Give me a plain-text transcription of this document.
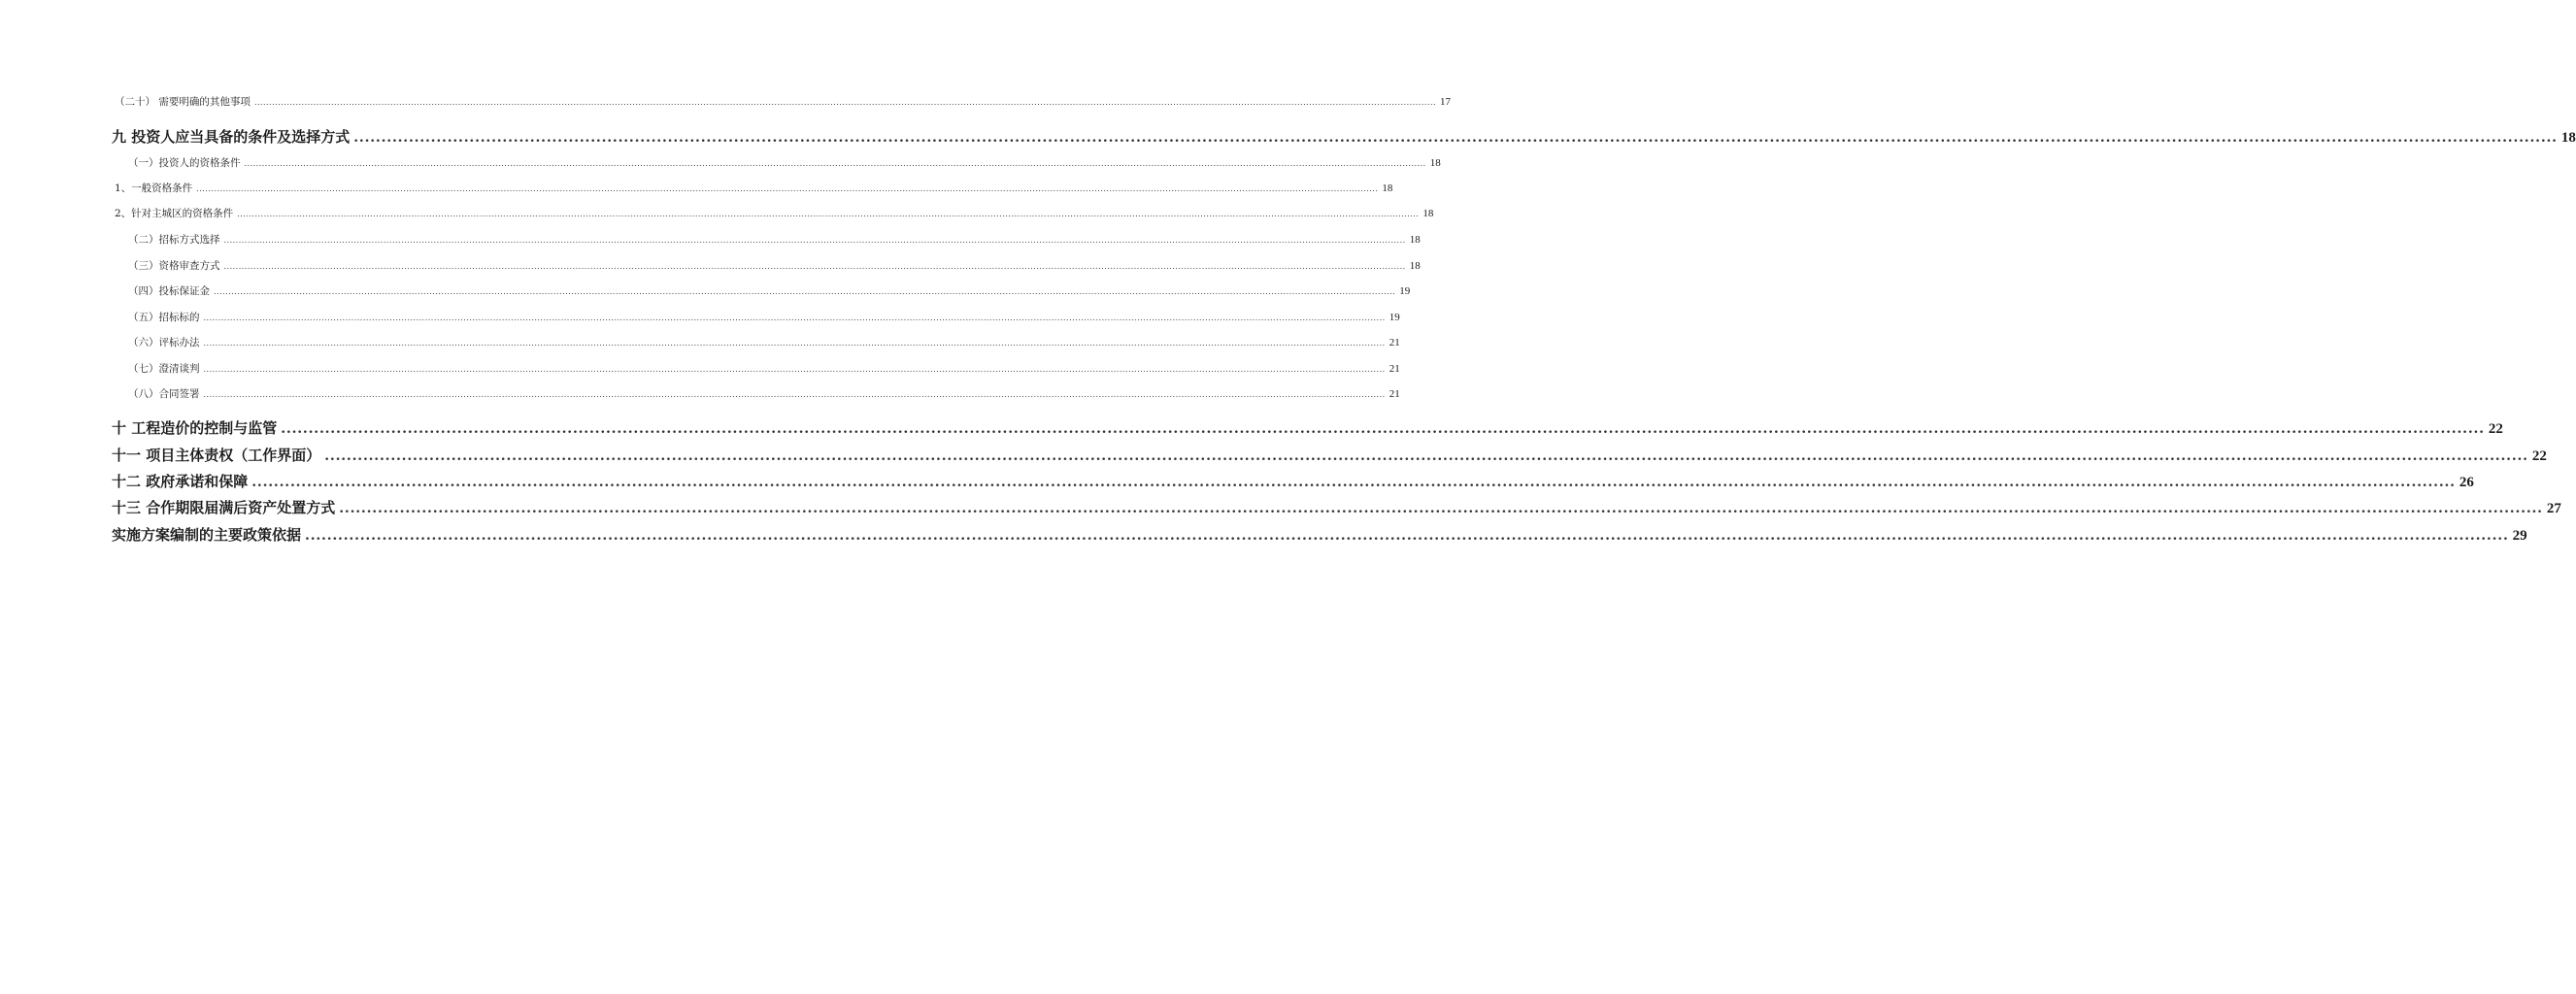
（二十） 需要明确的其他事项 ................................................................................................................................................................................................................................................................................................................................................................................................................ 17
九 投资人应当具备的条件及选择方式 ................................................................................................................................................................................................................................................................................................................................................................................................................ 18
（一）投资人的资格条件 ................................................................................................................................................................................................................................................................................................................................................................................................................ 18
1、一般资格条件 ................................................................................................................................................................................................................................................................................................................................................................................................................ 18
2、针对主城区的资格条件 ................................................................................................................................................................................................................................................................................................................................................................................................................ 18
（二）招标方式选择 ................................................................................................................................................................................................................................................................................................................................................................................................................ 18
（三）资格审查方式 ................................................................................................................................................................................................................................................................................................................................................................................................................ 18
（四）投标保证金 ................................................................................................................................................................................................................................................................................................................................................................................................................ 19
（五）招标标的 ................................................................................................................................................................................................................................................................................................................................................................................................................ 19
（六）评标办法 ................................................................................................................................................................................................................................................................................................................................................................................................................ 21
（七）澄清谈判 ................................................................................................................................................................................................................................................................................................................................................................................................................ 21
（八）合同签署 ................................................................................................................................................................................................................................................................................................................................................................................................................ 21
十 工程造价的控制与监管 ................................................................................................................................................................................................................................................................................................................................................................................................................ 22
十一 项目主体责权（工作界面） ................................................................................................................................................................................................................................................................................................................................................................................................................ 22
十二 政府承诺和保障 ................................................................................................................................................................................................................................................................................................................................................................................................................ 26
十三 合作期限届满后资产处置方式 ................................................................................................................................................................................................................................................................................................................................................................................................................ 27
实施方案编制的主要政策依据 ................................................................................................................................................................................................................................................................................................................................................................................................................ 29
